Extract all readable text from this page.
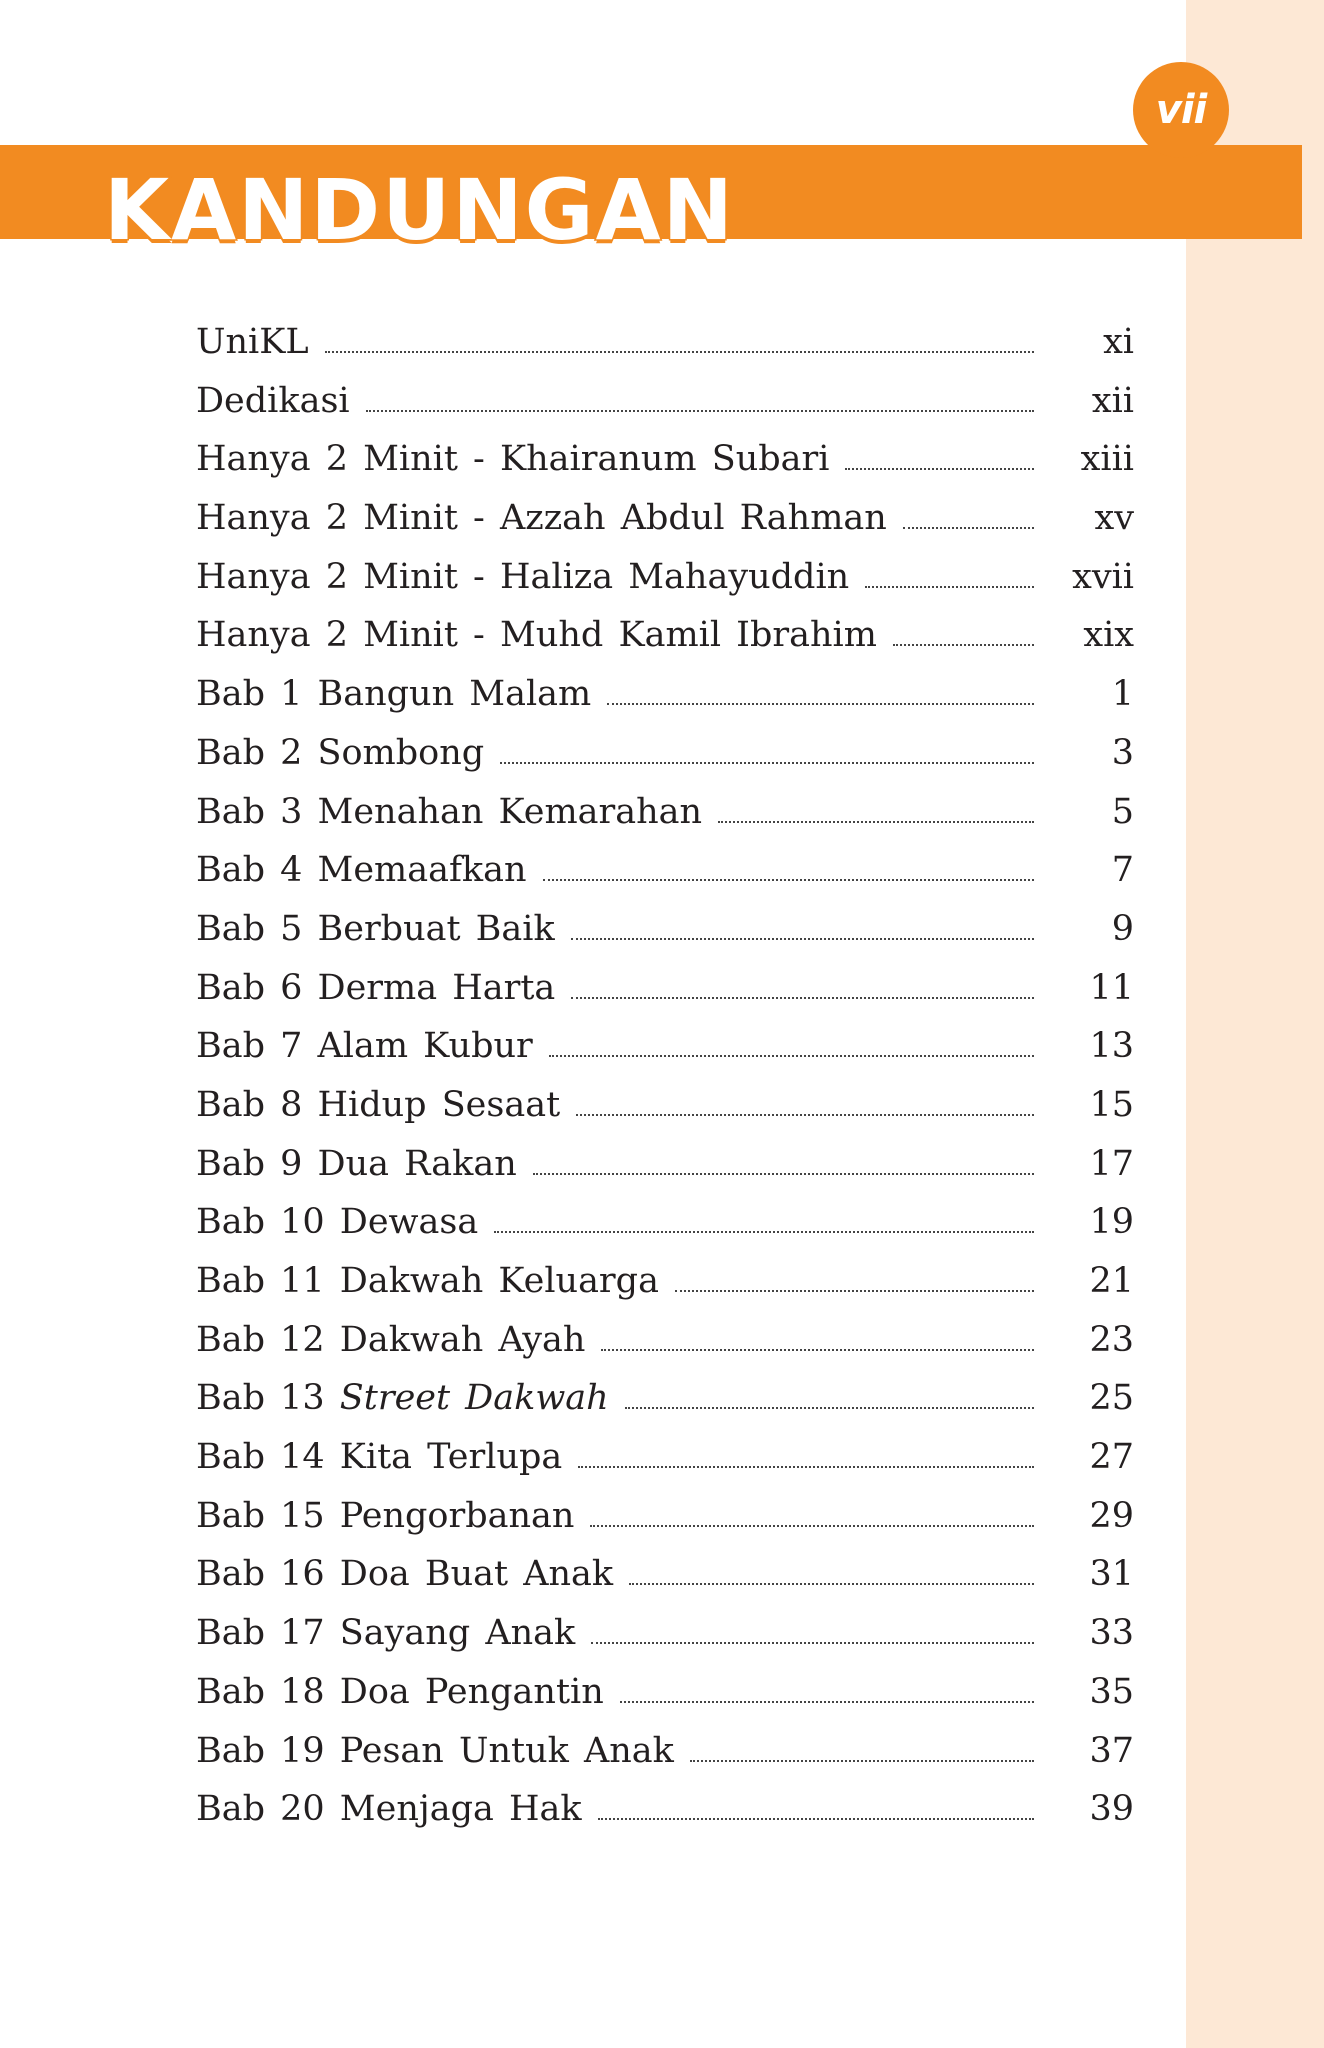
vii
KANDUNGAN
UniKL	xi
Dedikasi	xii
Hanya 2 Minit - Khairanum Subari	xiii
Hanya 2 Minit - Azzah Abdul Rahman	xv
Hanya 2 Minit - Haliza Mahayuddin	xvii
Hanya 2 Minit - Muhd Kamil Ibrahim	xix
Bab 1 Bangun Malam	1
Bab 2 Sombong	3
Bab 3 Menahan Kemarahan	5
Bab 4 Memaafkan	7
Bab 5 Berbuat Baik	9
Bab 6 Derma Harta	11
Bab 7 Alam Kubur	13
Bab 8 Hidup Sesaat	15
Bab 9 Dua Rakan	17
Bab 10 Dewasa	19
Bab 11 Dakwah Keluarga	21
Bab 12 Dakwah Ayah	23
Bab 13 Street Dakwah	25
Bab 14 Kita Terlupa	27
Bab 15 Pengorbanan	29
Bab 16 Doa Buat Anak	31
Bab 17 Sayang Anak	33
Bab 18 Doa Pengantin	35
Bab 19 Pesan Untuk Anak	37
Bab 20 Menjaga Hak	39
